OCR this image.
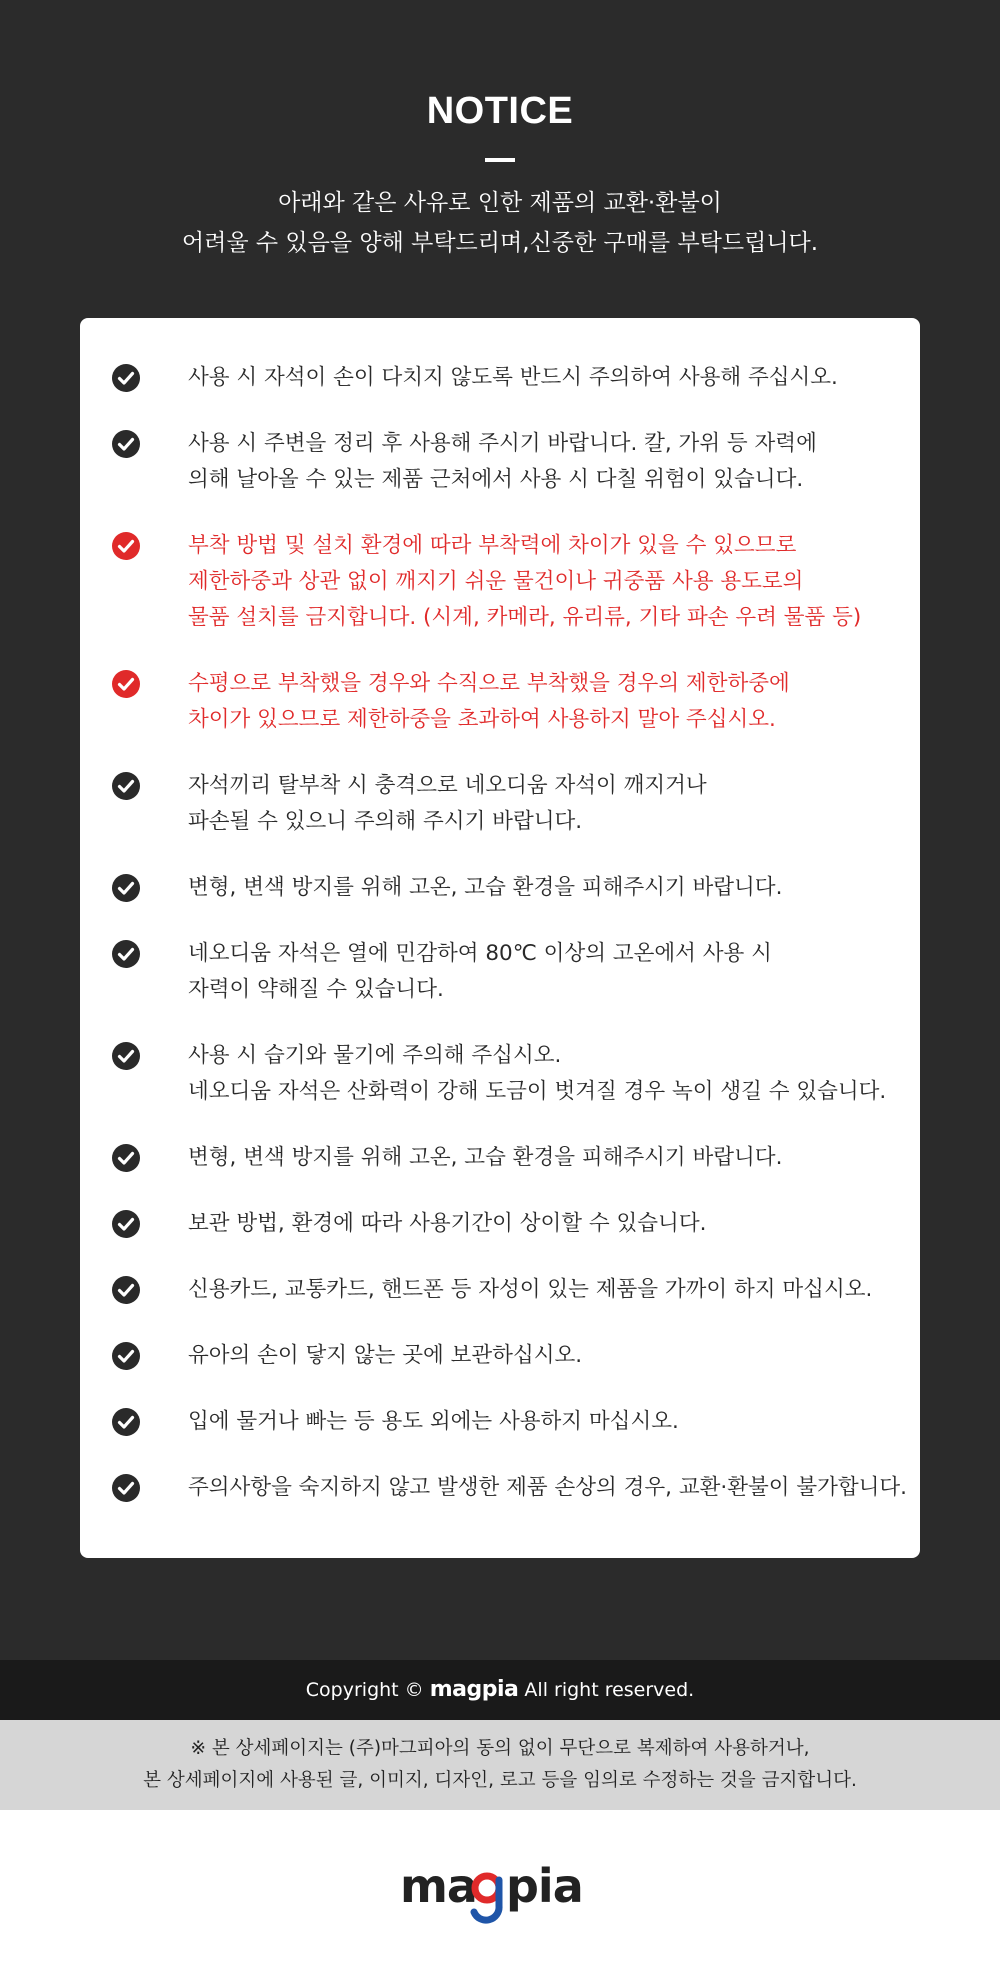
NOTICE
아래와 같은 사유로 인한 제품의 교환·환불이
어려울 수 있음을 양해 부탁드리며,신중한 구매를 부탁드립니다.
사용 시 자석이 손이 다치지 않도록 반드시 주의하여 사용해 주십시오.
사용 시 주변을 정리 후 사용해 주시기 바랍니다. 칼, 가위 등 자력에
의해 날아올 수 있는 제품 근처에서 사용 시 다칠 위험이 있습니다.
부착 방법 및 설치 환경에 따라 부착력에 차이가 있을 수 있으므로
제한하중과 상관 없이 깨지기 쉬운 물건이나 귀중품 사용 용도로의
물품 설치를 금지합니다. (시계, 카메라, 유리류, 기타 파손 우려 물품 등)
수평으로 부착했을 경우와 수직으로 부착했을 경우의 제한하중에
차이가 있으므로 제한하중을 초과하여 사용하지 말아 주십시오.
자석끼리 탈부착 시 충격으로 네오디움 자석이 깨지거나
파손될 수 있으니 주의해 주시기 바랍니다.
변형, 변색 방지를 위해 고온, 고습 환경을 피해주시기 바랍니다.
네오디움 자석은 열에 민감하여 80℃ 이상의 고온에서 사용 시
자력이 약해질 수 있습니다.
사용 시 습기와 물기에 주의해 주십시오.
네오디움 자석은 산화력이 강해 도금이 벗겨질 경우 녹이 생길 수 있습니다.
변형, 변색 방지를 위해 고온, 고습 환경을 피해주시기 바랍니다.
보관 방법, 환경에 따라 사용기간이 상이할 수 있습니다.
신용카드, 교통카드, 핸드폰 등 자성이 있는 제품을 가까이 하지 마십시오.
유아의 손이 닿지 않는 곳에 보관하십시오.
입에 물거나 빠는 등 용도 외에는 사용하지 마십시오.
주의사항을 숙지하지 않고 발생한 제품 손상의 경우, 교환·환불이 불가합니다.
Copyright © magpia All right reserved.
※ 본 상세페이지는 (주)마그피아의 동의 없이 무단으로 복제하여 사용하거나,
본 상세페이지에 사용된 글, 이미지, 디자인, 로고 등을 임의로 수정하는 것을 금지합니다.
ma pia
